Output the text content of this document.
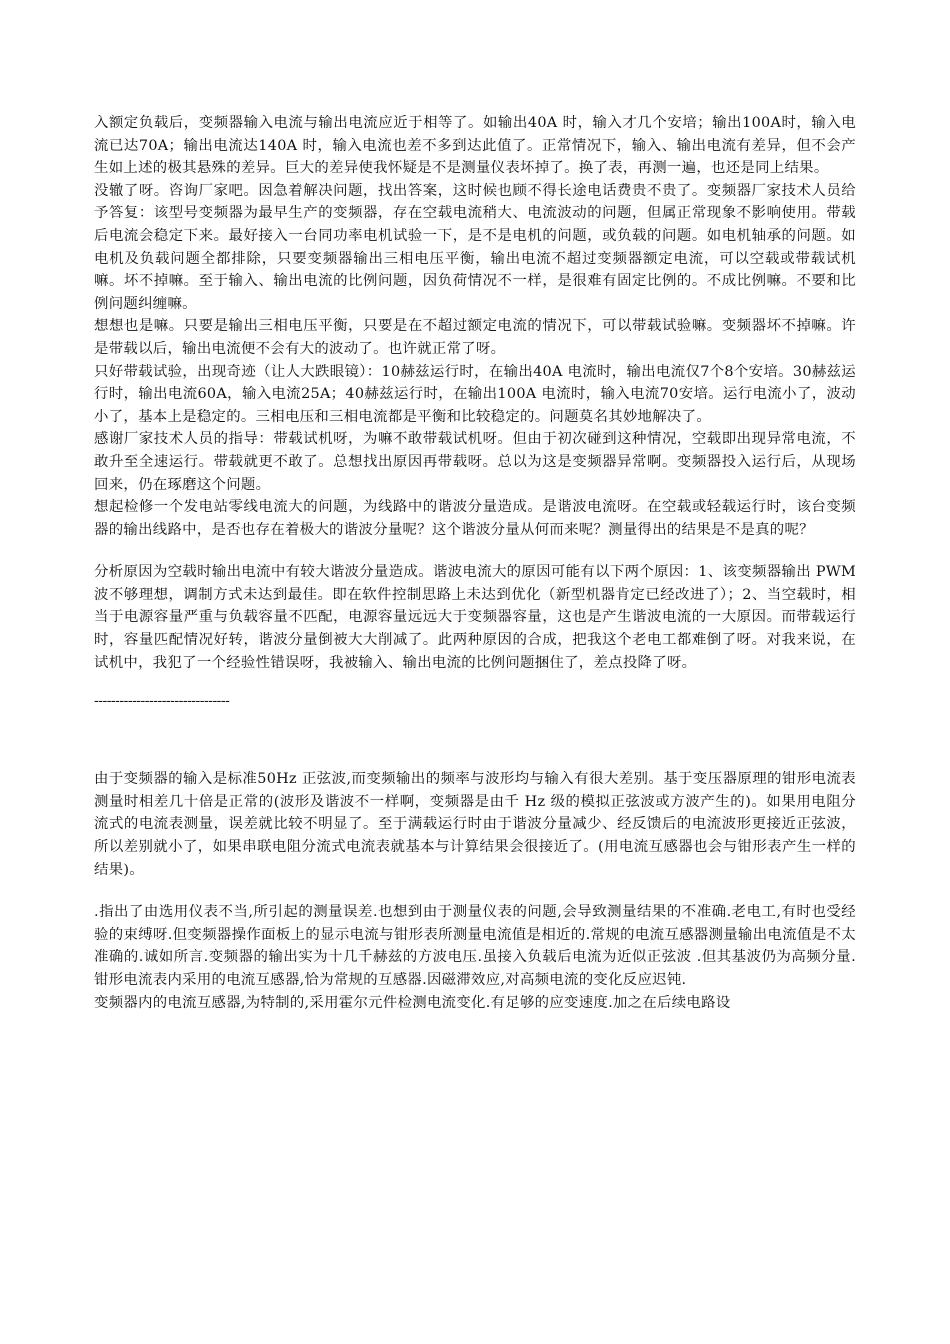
入额定负载后，变频器输入电流与输出电流应近于相等了。如输出40A 时，输入才几个安培；输出100A时，输入电流已达70A；输出电流达140A 时，输入电流也差不多到达此值了。正常情况下，输入、输出电流有差异，但不会产生如上述的极其悬殊的差异。巨大的差异使我怀疑是不是测量仪表坏掉了。换了表，再测一遍，也还是同上结果。

没辙了呀。咨询厂家吧。因急着解决问题，找出答案，这时候也顾不得长途电话费贵不贵了。变频器厂家技术人员给予答复：该型号变频器为最早生产的变频器，存在空载电流稍大、电流波动的问题，但属正常现象不影响使用。带载后电流会稳定下来。最好接入一台同功率电机试验一下，是不是电机的问题，或负载的问题。如电机轴承的问题。如电机及负载问题全都排除，只要变频器输出三相电压平衡，输出电流不超过变频器额定电流，可以空载或带载试机嘛。坏不掉嘛。至于输入、输出电流的比例问题，因负荷情况不一样，是很难有固定比例的。不成比例嘛。不要和比例问题纠缠嘛。

想想也是嘛。只要是输出三相电压平衡，只要是在不超过额定电流的情况下，可以带载试验嘛。变频器坏不掉嘛。许是带载以后，输出电流便不会有大的波动了。也许就正常了呀。

只好带载试验，出现奇迹（让人大跌眼镜）：10赫兹运行时，在输出40A 电流时，输出电流仅7个8个安培。30赫兹运行时，输出电流60A，输入电流25A；40赫兹运行时，在输出100A 电流时，输入电流70安培。运行电流小了，波动小了，基本上是稳定的。三相电压和三相电流都是平衡和比较稳定的。问题莫名其妙地解决了。

感谢厂家技术人员的指导：带载试机呀，为嘛不敢带载试机呀。但由于初次碰到这种情况，空载即出现异常电流，不敢升至全速运行。带载就更不敢了。总想找出原因再带载呀。总以为这是变频器异常啊。变频器投入运行后，从现场回来，仍在琢磨这个问题。

想起检修一个发电站零线电流大的问题，为线路中的谐波分量造成。是谐波电流呀。在空载或轻载运行时，该台变频器的输出线路中，是否也存在着极大的谐波分量呢？这个谐波分量从何而来呢？测量得出的结果是不是真的呢？

分析原因为空载时输出电流中有较大谐波分量造成。谐波电流大的原因可能有以下两个原因：1、该变频器输出 PWM 波不够理想，调制方式未达到最佳。即在软件控制思路上未达到优化（新型机器肯定已经改进了）；2、当空载时，相当于电源容量严重与负载容量不匹配，电源容量远远大于变频器容量，这也是产生谐波电流的一大原因。而带载运行时，容量匹配情况好转，谐波分量倒被大大削减了。此两种原因的合成，把我这个老电工都难倒了呀。对我来说，在试机中，我犯了一个经验性错误呀，我被输入、输出电流的比例问题捆住了，差点投降了呀。

--------------------------------

由于变频器的输入是标准50Hz 正弦波,而变频输出的频率与波形均与输入有很大差别。基于变压器原理的钳形电流表测量时相差几十倍是正常的(波形及谐波不一样啊，变频器是由千 Hz 级的模拟正弦波或方波产生的)。如果用电阻分流式的电流表测量，误差就比较不明显了。至于满载运行时由于谐波分量减少、经反馈后的电流波形更接近正弦波，所以差别就小了，如果串联电阻分流式电流表就基本与计算结果会很接近了。(用电流互感器也会与钳形表产生一样的结果)。

.指出了由选用仪表不当,所引起的测量误差.也想到由于测量仪表的问题,会导致测量结果的不准确.老电工,有时也受经验的束缚呀.但变频器操作面板上的显示电流与钳形表所测量电流值是相近的.常规的电流互感器测量输出电流值是不太准确的.诚如所言.变频器的输出实为十几千赫兹的方波电压.虽接入负载后电流为近似正弦波 .但其基波仍为高频分量.钳形电流表内采用的电流互感器,恰为常规的互感器.因磁滞效应,对高频电流的变化反应迟钝.

变频器内的电流互感器,为特制的,采用霍尔元件检测电流变化.有足够的应变速度.加之在后续电路设
